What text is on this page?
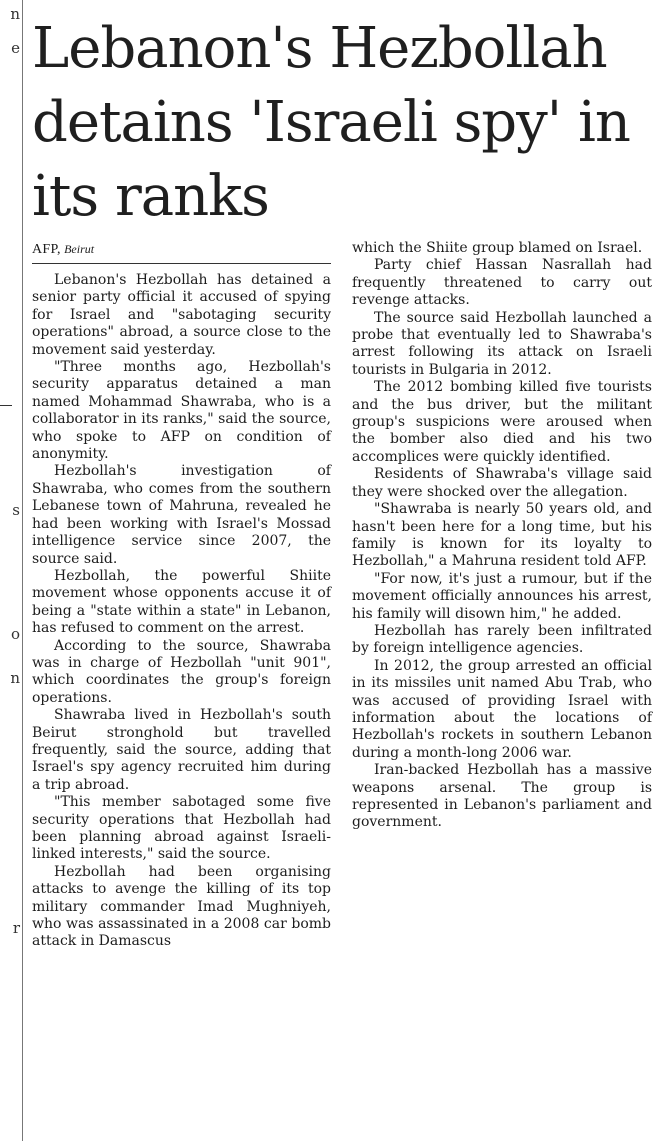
n
e
s
o
n
r
Lebanon's Hezbollah detains 'Israeli spy' in its ranks
AFP, Beirut

Lebanon's Hezbollah has detained a senior party official it accused of spying for Israel and "sabotaging security operations" abroad, a source close to the movement said yesterday.

"Three months ago, Hezbollah's security apparatus detained a man named Mohammad Shawraba, who is a collaborator in its ranks," said the source, who spoke to AFP on condition of anonymity.

Hezbollah's investigation of Shawraba, who comes from the southern Lebanese town of Mahruna, revealed he had been working with Israel's Mossad intelligence service since 2007, the source said.

Hezbollah, the powerful Shiite movement whose opponents accuse it of being a "state within a state" in Lebanon, has refused to comment on the arrest.

According to the source, Shawraba was in charge of Hezbollah "unit 901", which coordinates the group's foreign operations.

Shawraba lived in Hezbollah's south Beirut stronghold but travelled frequently, said the source, adding that Israel's spy agency recruited him during a trip abroad.

"This member sabotaged some five security operations that Hezbollah had been planning abroad against Israeli-linked interests," said the source.

Hezbollah had been organising attacks to avenge the killing of its top military commander Imad Mughniyeh, who was assassinated in a 2008 car bomb attack in Damascus

which the Shiite group blamed on Israel.

Party chief Hassan Nasrallah had frequently threatened to carry out revenge attacks.

The source said Hezbollah launched a probe that eventually led to Shawraba's arrest following its attack on Israeli tourists in Bulgaria in 2012.

The 2012 bombing killed five tourists and the bus driver, but the militant group's suspicions were aroused when the bomber also died and his two accomplices were quickly identified.

Residents of Shawraba's village said they were shocked over the allegation.

"Shawraba is nearly 50 years old, and hasn't been here for a long time, but his family is known for its loyalty to Hezbollah," a Mahruna resident told AFP.

"For now, it's just a rumour, but if the movement officially announces his arrest, his family will disown him," he added.

Hezbollah has rarely been infiltrated by foreign intelligence agencies.

In 2012, the group arrested an official in its missiles unit named Abu Trab, who was accused of providing Israel with information about the locations of Hezbollah's rockets in southern Lebanon during a month-long 2006 war.

Iran-backed Hezbollah has a massive weapons arsenal. The group is represented in Lebanon's parliament and government.
